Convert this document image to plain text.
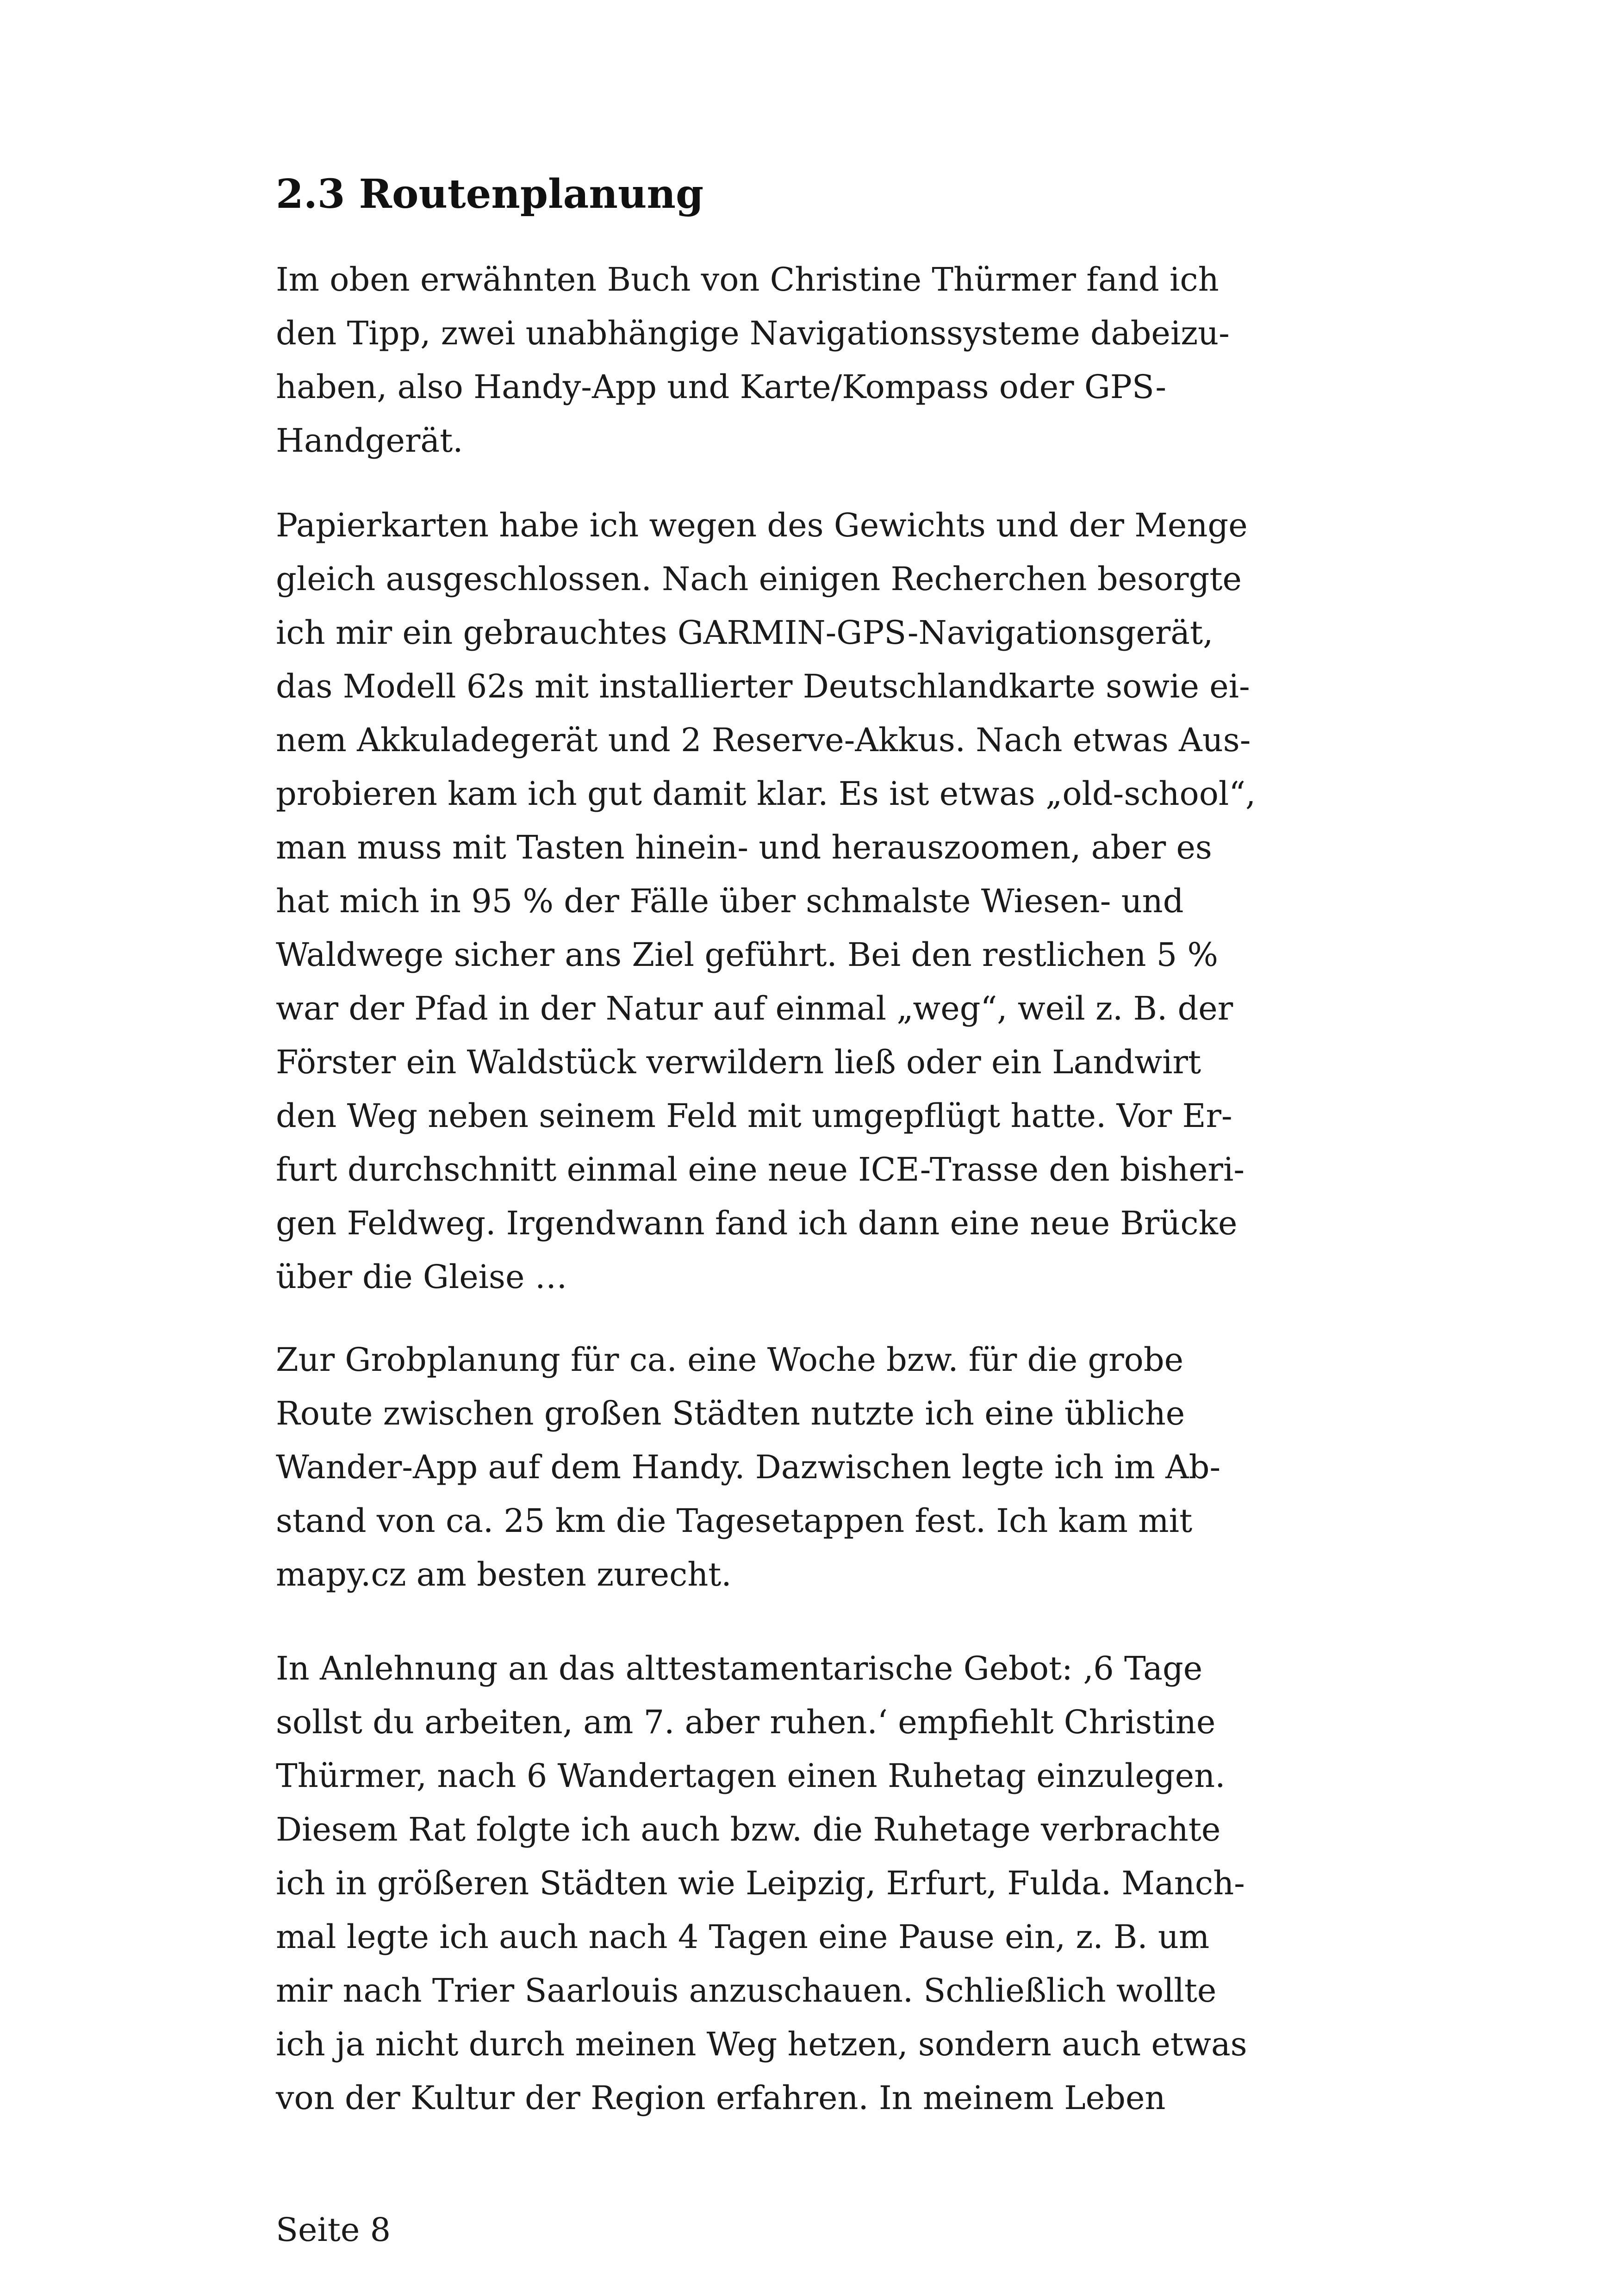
2.3 Routenplanung

Im oben erwähnten Buch von Christine Thürmer fand ich
den Tipp, zwei unabhängige Navigationssysteme dabeizu-
haben, also Handy-App und Karte/Kompass oder GPS-
Handgerät.

Papierkarten habe ich wegen des Gewichts und der Menge
gleich ausgeschlossen. Nach einigen Recherchen besorgte
ich mir ein gebrauchtes GARMIN-GPS-Navigationsgerät,
das Modell 62s mit installierter Deutschlandkarte sowie ei-
nem Akkuladegerät und 2 Reserve-Akkus. Nach etwas Aus-
probieren kam ich gut damit klar. Es ist etwas „old-school“,
man muss mit Tasten hinein- und herauszoomen, aber es
hat mich in 95 % der Fälle über schmalste Wiesen- und
Waldwege sicher ans Ziel geführt. Bei den restlichen 5 %
war der Pfad in der Natur auf einmal „weg“, weil z. B. der
Förster ein Waldstück verwildern ließ oder ein Landwirt
den Weg neben seinem Feld mit umgepflügt hatte. Vor Er-
furt durchschnitt einmal eine neue ICE-Trasse den bisheri-
gen Feldweg. Irgendwann fand ich dann eine neue Brücke
über die Gleise …

Zur Grobplanung für ca. eine Woche bzw. für die grobe
Route zwischen großen Städten nutzte ich eine übliche
Wander-App auf dem Handy. Dazwischen legte ich im Ab-
stand von ca. 25 km die Tagesetappen fest. Ich kam mit
mapy.cz am besten zurecht.

In Anlehnung an das alttestamentarische Gebot: ‚6 Tage
sollst du arbeiten, am 7. aber ruhen.‘ empfiehlt Christine
Thürmer, nach 6 Wandertagen einen Ruhetag einzulegen.
Diesem Rat folgte ich auch bzw. die Ruhetage verbrachte
ich in größeren Städten wie Leipzig, Erfurt, Fulda. Manch-
mal legte ich auch nach 4 Tagen eine Pause ein, z. B. um
mir nach Trier Saarlouis anzuschauen. Schließlich wollte
ich ja nicht durch meinen Weg hetzen, sondern auch etwas
von der Kultur der Region erfahren. In meinem Leben

Seite 8
